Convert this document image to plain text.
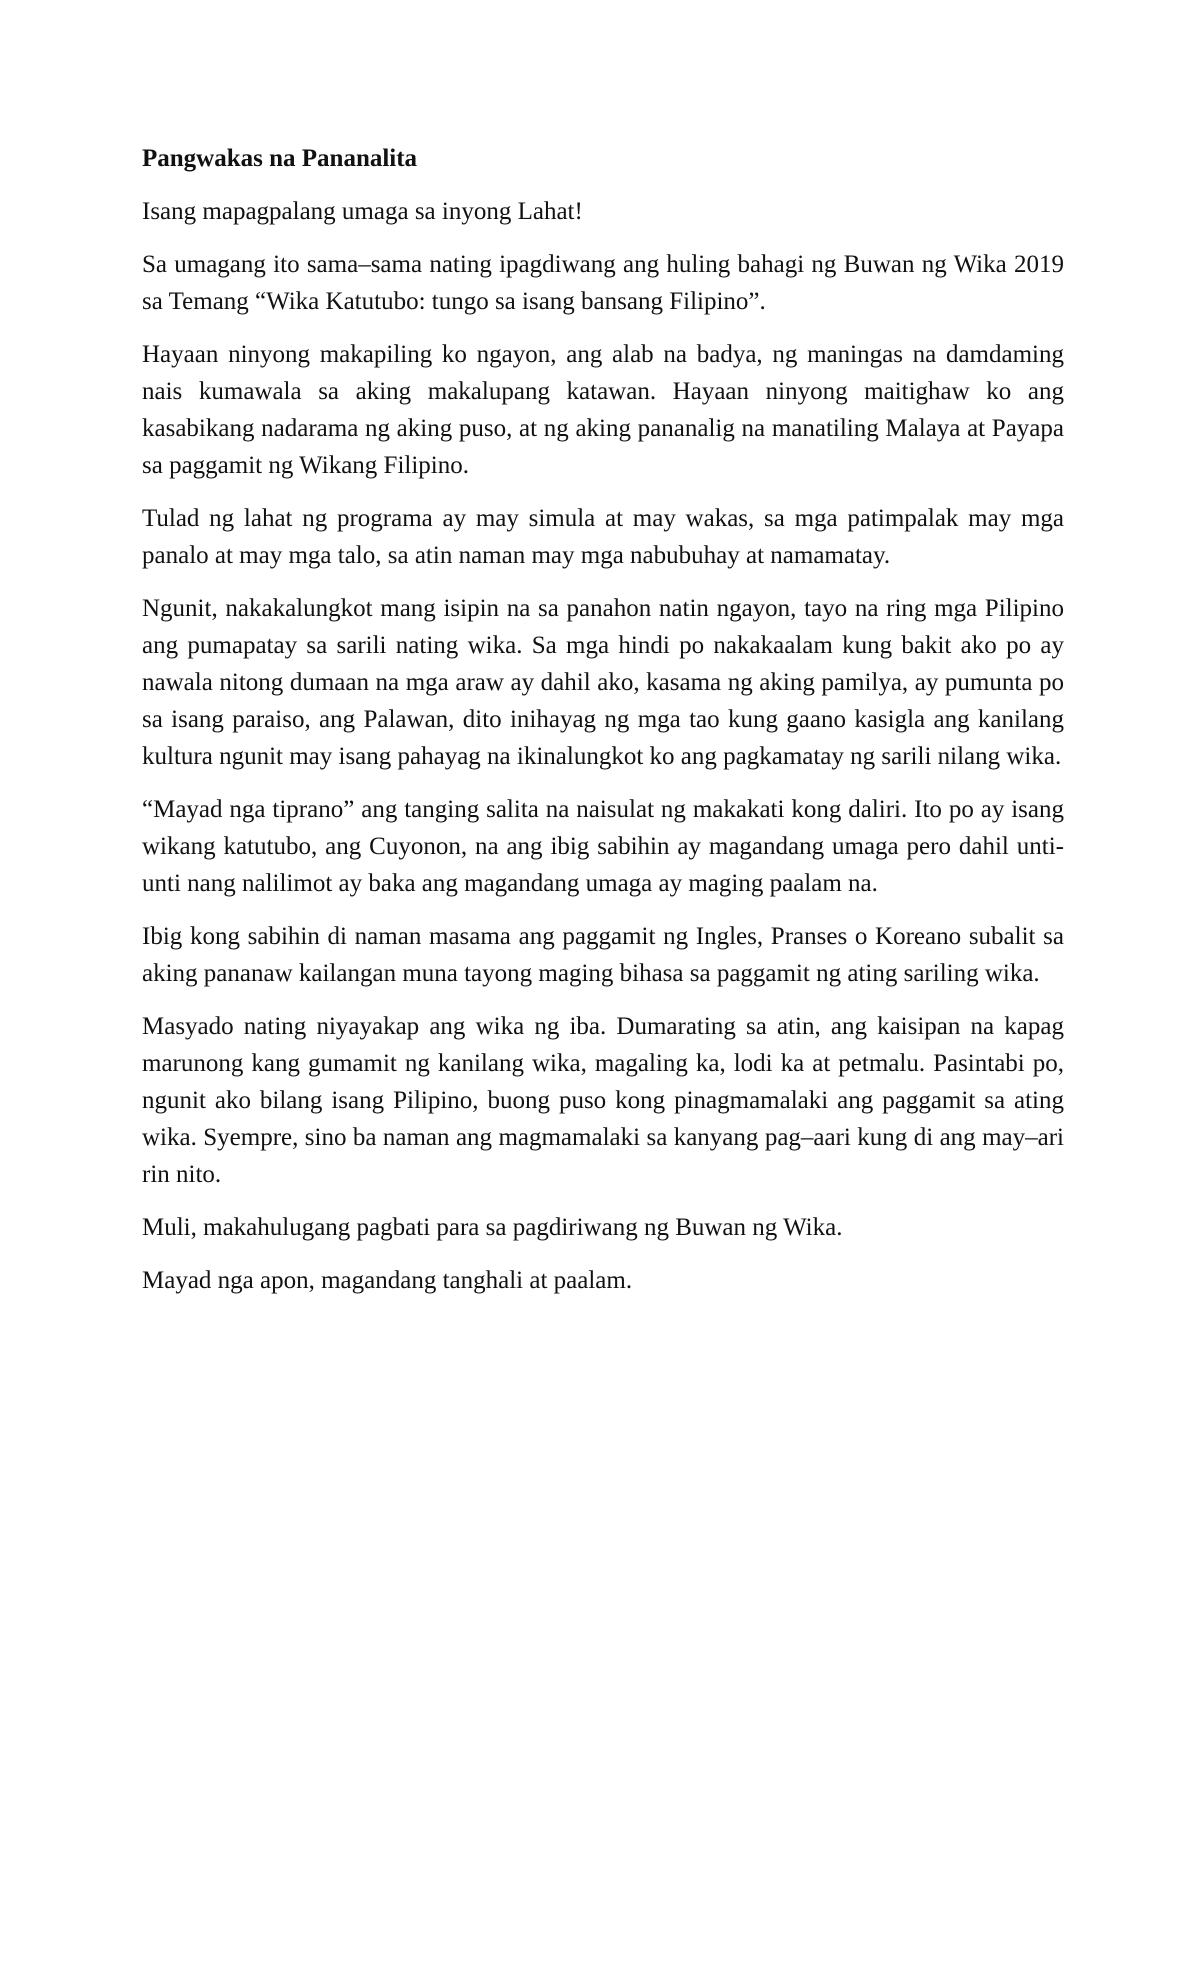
Pangwakas na Pananalita

Isang mapagpalang umaga sa inyong Lahat!

Sa umagang ito sama–sama nating ipagdiwang ang huling bahagi ng Buwan ng Wika 2019 sa Temang “Wika Katutubo: tungo sa isang bansang Filipino”.

Hayaan ninyong makapiling ko ngayon, ang alab na badya, ng maningas na damdaming nais kumawala sa aking makalupang katawan. Hayaan ninyong maitighaw ko ang kasabikang nadarama ng aking puso, at ng aking pananalig na manatiling Malaya at Payapa sa paggamit ng Wikang Filipino.

Tulad ng lahat ng programa ay may simula at may wakas, sa mga patimpalak may mga panalo at may mga talo, sa atin naman may mga nabubuhay at namamatay.

Ngunit, nakakalungkot mang isipin na sa panahon natin ngayon, tayo na ring mga Pilipino ang pumapatay sa sarili nating wika. Sa mga hindi po nakakaalam kung bakit ako po ay nawala nitong dumaan na mga araw ay dahil ako, kasama ng aking pamilya, ay pumunta po sa isang paraiso, ang Palawan, dito inihayag ng mga tao kung gaano kasigla ang kanilang kultura ngunit may isang pahayag na ikinalungkot ko ang pagkamatay ng sarili nilang wika.

“Mayad nga tiprano” ang tanging salita na naisulat ng makakati kong daliri. Ito po ay isang wikang katutubo, ang Cuyonon, na ang ibig sabihin ay magandang umaga pero dahil unti-unti nang nalilimot ay baka ang magandang umaga ay maging paalam na.

Ibig kong sabihin di naman masama ang paggamit ng Ingles, Pranses o Koreano subalit sa aking pananaw kailangan muna tayong maging bihasa sa paggamit ng ating sariling wika.

Masyado nating niyayakap ang wika ng iba. Dumarating sa atin, ang kaisipan na kapag marunong kang gumamit ng kanilang wika, magaling ka, lodi ka at petmalu. Pasintabi po, ngunit ako bilang isang Pilipino, buong puso kong pinagmamalaki ang paggamit sa ating wika. Syempre, sino ba naman ang magmamalaki sa kanyang pag–aari kung di ang may–ari rin nito.

Muli, makahulugang pagbati para sa pagdiriwang ng Buwan ng Wika.

Mayad nga apon, magandang tanghali at paalam.
